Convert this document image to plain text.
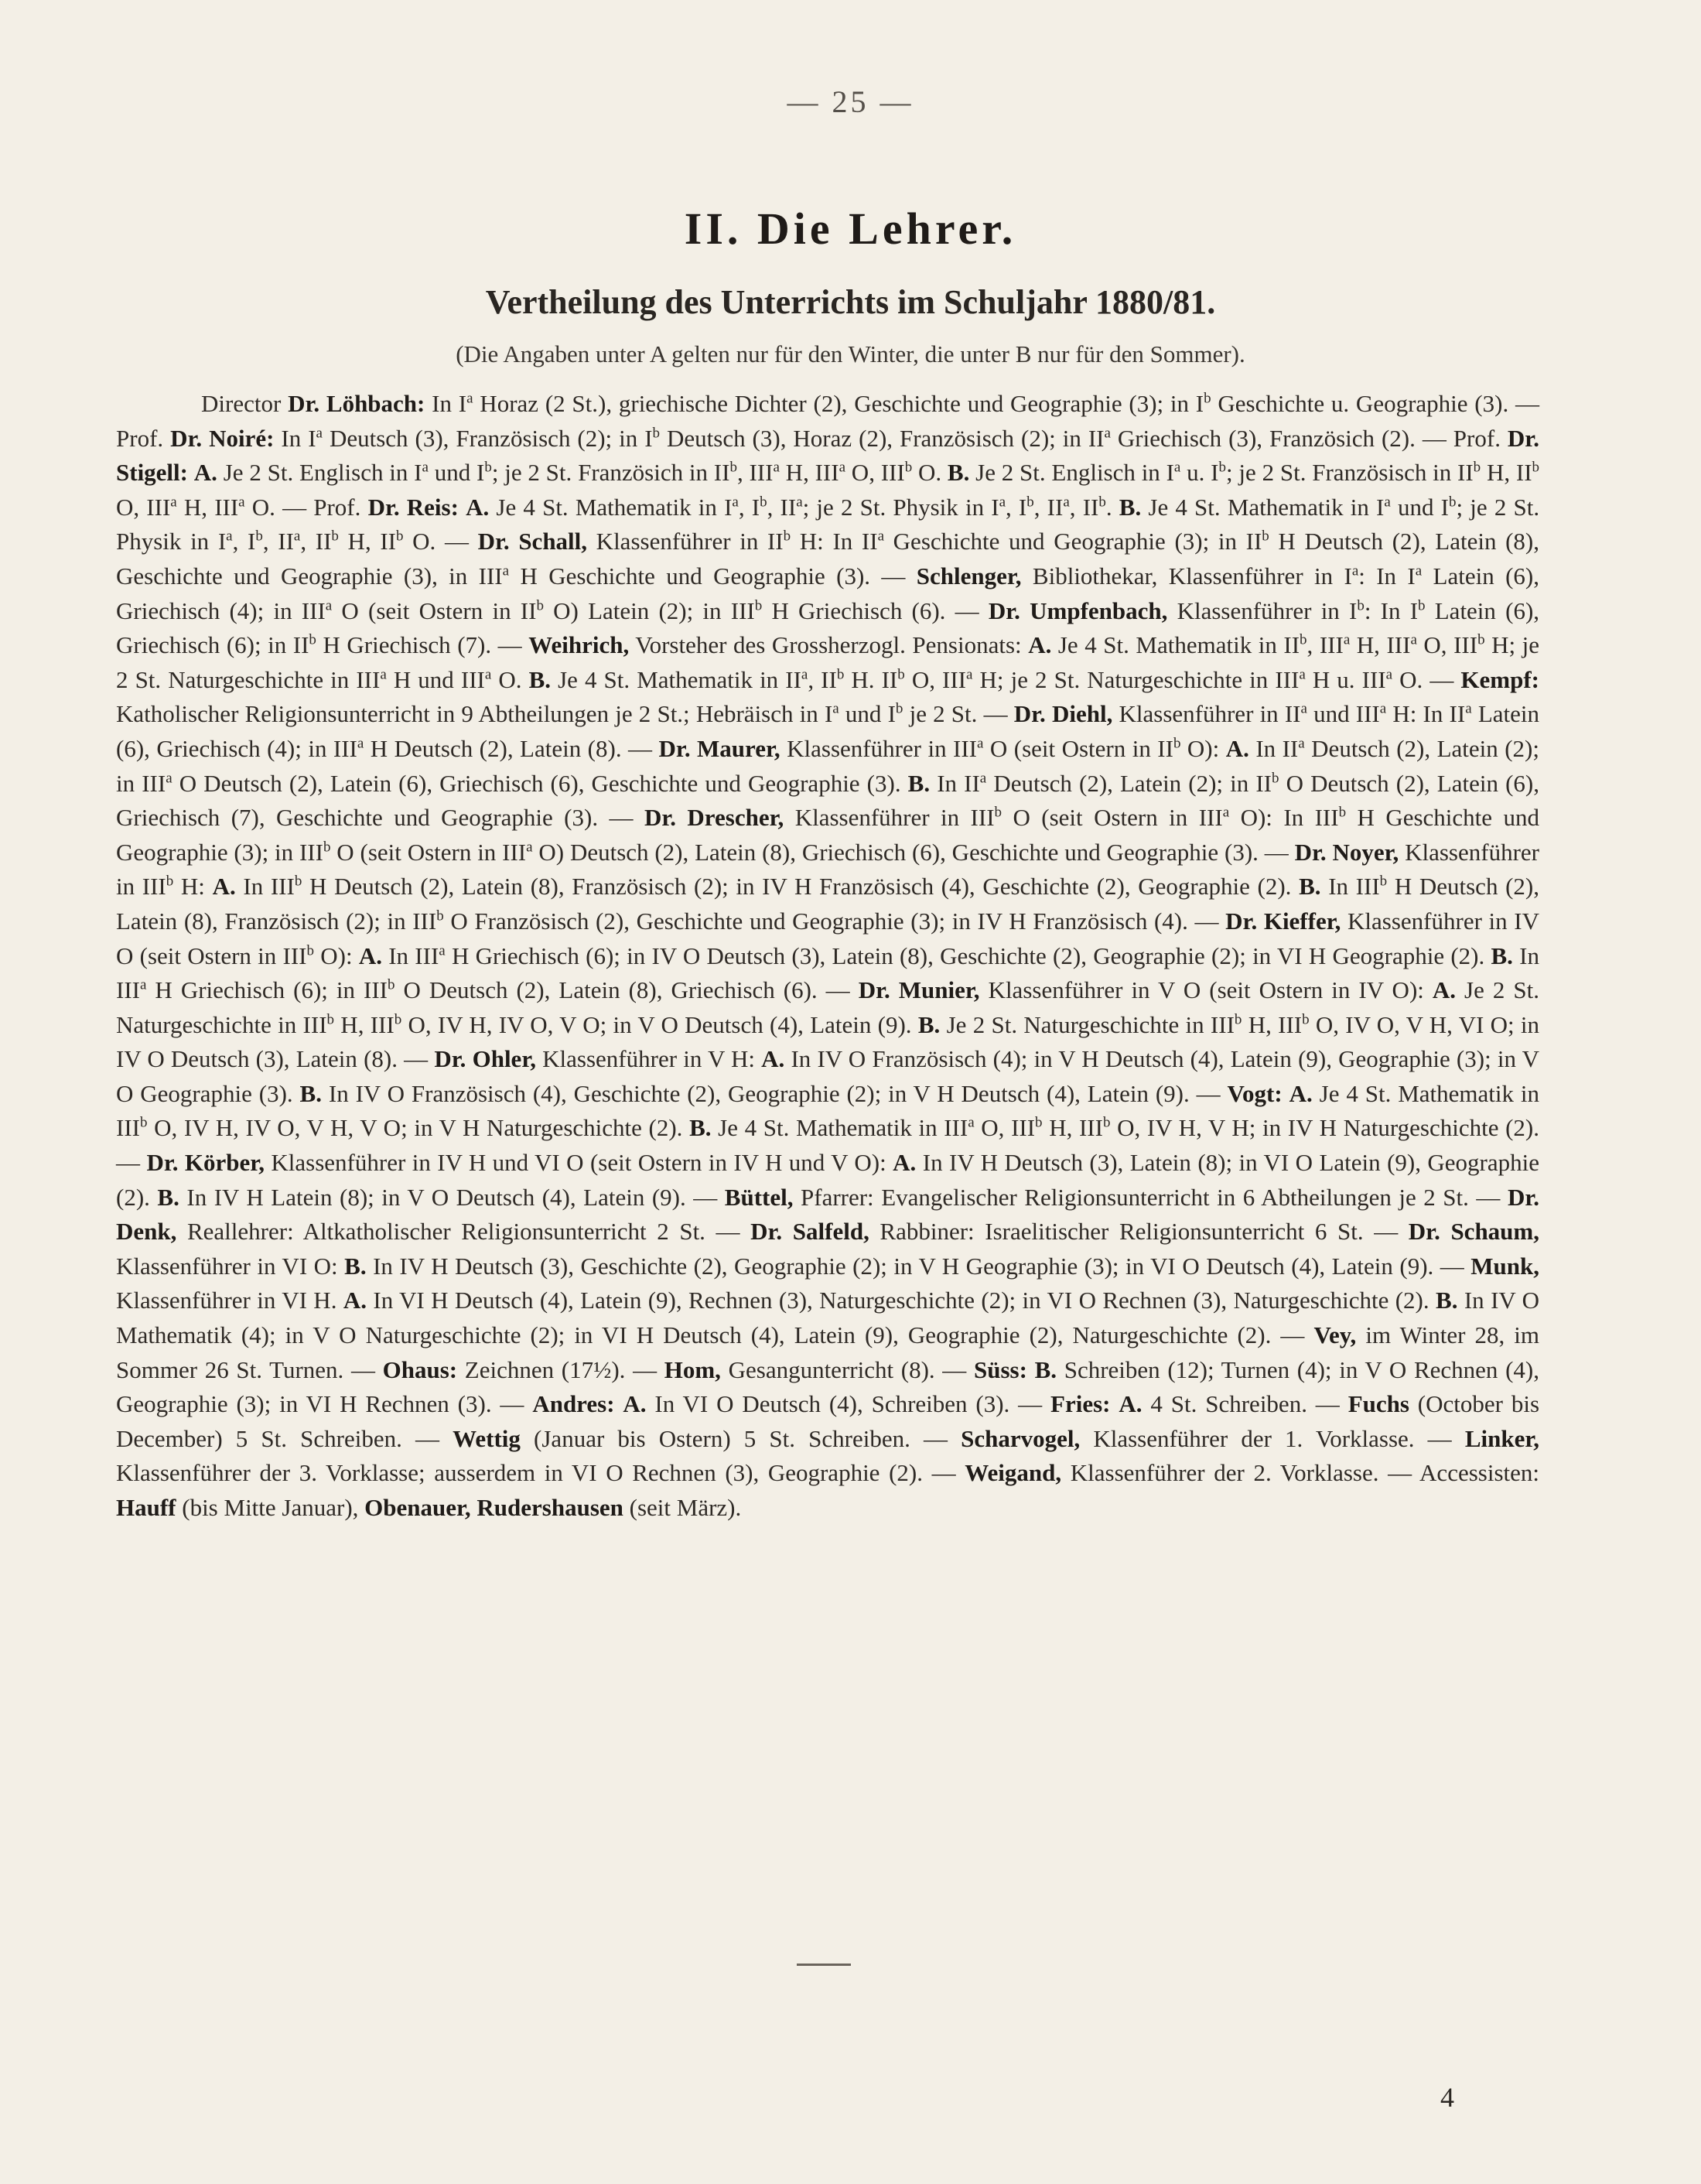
— 25 —
II. Die Lehrer.
Vertheilung des Unterrichts im Schuljahr 1880/81.
(Die Angaben unter A gelten nur für den Winter, die unter B nur für den Sommer).

Director Dr. Löhbach: In $I^a$ Horaz (2 St.), griechische Dichter (2), Geschichte und Geographie (3); in $I^b$ Geschichte u. Geographie (3). — Prof. Dr. Noiré: In $I^a$ Deutsch (3), Französisch (2); in $I^b$ Deutsch (3), Horaz (2), Französisch (2); in $II^a$ Griechisch (3), Französich (2). — Prof. Dr. Stigell: A. Je 2 St. Englisch in $I^a$ und $I^b$; je 2 St. Französich in $II^b$, III$^a$ H, III$^a$ O, III$^b$ O. B. Je 2 St. Englisch in $I^a$ u. $I^b$; je 2 St. Französisch in $II^b$ H, $II^b$ O, III$^a$ H, III$^a$ O. — Prof. Dr. Reis: A. Je 4 St. Mathematik in $I^a$, $I^b$, $II^a$; je 2 St. Physik in $I^a$, $I^b$, $II^a$, $II^b$. B. Je 4 St. Mathematik in $I^a$ und $I^b$; je 2 St. Physik in $I^a$, $I^b$, $II^a$, $II^b$ H, $II^b$ O. — Dr. Schall, Klassenführer in $II^b$ H: In $II^a$ Geschichte und Geographie (3); in $II^b$ H Deutsch (2), Latein (8), Geschichte und Geographie (3), in III$^a$ H Geschichte und Geographie (3). — Schlenger, Bibliothekar, Klassenführer in $I^a$: In $I^a$ Latein (6), Griechisch (4); in III$^a$ O (seit Ostern in $II^b$ O) Latein (2); in III$^b$ H Griechisch (6). — Dr. Umpfenbach, Klassenführer in $I^b$: In $I^b$ Latein (6), Griechisch (6); in $II^b$ H Griechisch (7). — Weihrich, Vorsteher des Grossherzogl. Pensionats: A. Je 4 St. Mathematik in $II^b$, III$^a$ H, III$^a$ O, III$^b$ H; je 2 St. Naturgeschichte in III$^a$ H und III$^a$ O. B. Je 4 St. Mathematik in $II^a$, $II^b$ H. $II^b$ O, III$^a$ H; je 2 St. Naturgeschichte in III$^a$ H u. III$^a$ O. — Kempf: Katholischer Religionsunterricht in 9 Abtheilungen je 2 St.; Hebräisch in $I^a$ und $I^b$ je 2 St. — Dr. Diehl, Klassenführer in $II^a$ und III$^a$ H: In $II^a$ Latein (6), Griechisch (4); in III$^a$ H Deutsch (2), Latein (8). — Dr. Maurer, Klassenführer in III$^a$ O (seit Ostern in $II^b$ O): A. In $II^a$ Deutsch (2), Latein (2); in III$^a$ O Deutsch (2), Latein (6), Griechisch (6), Geschichte und Geographie (3). B. In $II^a$ Deutsch (2), Latein (2); in $II^b$ O Deutsch (2), Latein (6), Griechisch (7), Geschichte und Geographie (3). — Dr. Drescher, Klassenführer in III$^b$ O (seit Ostern in III$^a$ O): In III$^b$ H Geschichte und Geographie (3); in III$^b$ O (seit Ostern in III$^a$ O) Deutsch (2), Latein (8), Griechisch (6), Geschichte und Geographie (3). — Dr. Noyer, Klassenführer in III$^b$ H: A. In III$^b$ H Deutsch (2), Latein (8), Französisch (2); in IV H Französisch (4), Geschichte (2), Geographie (2). B. In III$^b$ H Deutsch (2), Latein (8), Französisch (2); in III$^b$ O Französisch (2), Geschichte und Geographie (3); in IV H Französisch (4). — Dr. Kieffer, Klassenführer in IV O (seit Ostern in III$^b$ O): A. In III$^a$ H Griechisch (6); in IV O Deutsch (3), Latein (8), Geschichte (2), Geographie (2); in VI H Geographie (2). B. In III$^a$ H Griechisch (6); in III$^b$ O Deutsch (2), Latein (8), Griechisch (6). — Dr. Munier, Klassenführer in V O (seit Ostern in IV O): A. Je 2 St. Naturgeschichte in III$^b$ H, III$^b$ O, IV H, IV O, V O; in V O Deutsch (4), Latein (9). B. Je 2 St. Naturgeschichte in III$^b$ H, III$^b$ O, IV O, V H, VI O; in IV O Deutsch (3), Latein (8). — Dr. Ohler, Klassenführer in V H: A. In IV O Französisch (4); in V H Deutsch (4), Latein (9), Geographie (3); in V O Geographie (3). B. In IV O Französisch (4), Geschichte (2), Geographie (2); in V H Deutsch (4), Latein (9). — Vogt: A. Je 4 St. Mathematik in III$^b$ O, IV H, IV O, V H, V O; in V H Naturgeschichte (2). B. Je 4 St. Mathematik in III$^a$ O, III$^b$ H, III$^b$ O, IV H, V H; in IV H Naturgeschichte (2). — Dr. Körber, Klassenführer in IV H und VI O (seit Ostern in IV H und V O): A. In IV H Deutsch (3), Latein (8); in VI O Latein (9), Geographie (2). B. In IV H Latein (8); in V O Deutsch (4), Latein (9). — Büttel, Pfarrer: Evangelischer Religionsunterricht in 6 Abtheilungen je 2 St. — Dr. Denk, Reallehrer: Altkatholischer Religionsunterricht 2 St. — Dr. Salfeld, Rabbiner: Israelitischer Religionsunterricht 6 St. — Dr. Schaum, Klassenführer in VI O: B. In IV H Deutsch (3), Geschichte (2), Geographie (2); in V H Geographie (3); in VI O Deutsch (4), Latein (9). — Munk, Klassenführer in VI H. A. In VI H Deutsch (4), Latein (9), Rechnen (3), Naturgeschichte (2); in VI O Rechnen (3), Naturgeschichte (2). B. In IV O Mathematik (4); in V O Naturgeschichte (2); in VI H Deutsch (4), Latein (9), Geographie (2), Naturgeschichte (2). — Vey, im Winter 28, im Sommer 26 St. Turnen. — Ohaus: Zeichnen (17½). — Hom, Gesangunterricht (8). — Süss: B. Schreiben (12); Turnen (4); in V O Rechnen (4), Geographie (3); in VI H Rechnen (3). — Andres: A. In VI O Deutsch (4), Schreiben (3). — Fries: A. 4 St. Schreiben. — Fuchs (October bis December) 5 St. Schreiben. — Wettig (Januar bis Ostern) 5 St. Schreiben. — Scharvogel, Klassenführer der 1. Vorklasse. — Linker, Klassenführer der 3. Vorklasse; ausserdem in VI O Rechnen (3), Geographie (2). — Weigand, Klassenführer der 2. Vorklasse. — Accessisten: Hauff (bis Mitte Januar), Obenauer, Rudershausen (seit März).

4
